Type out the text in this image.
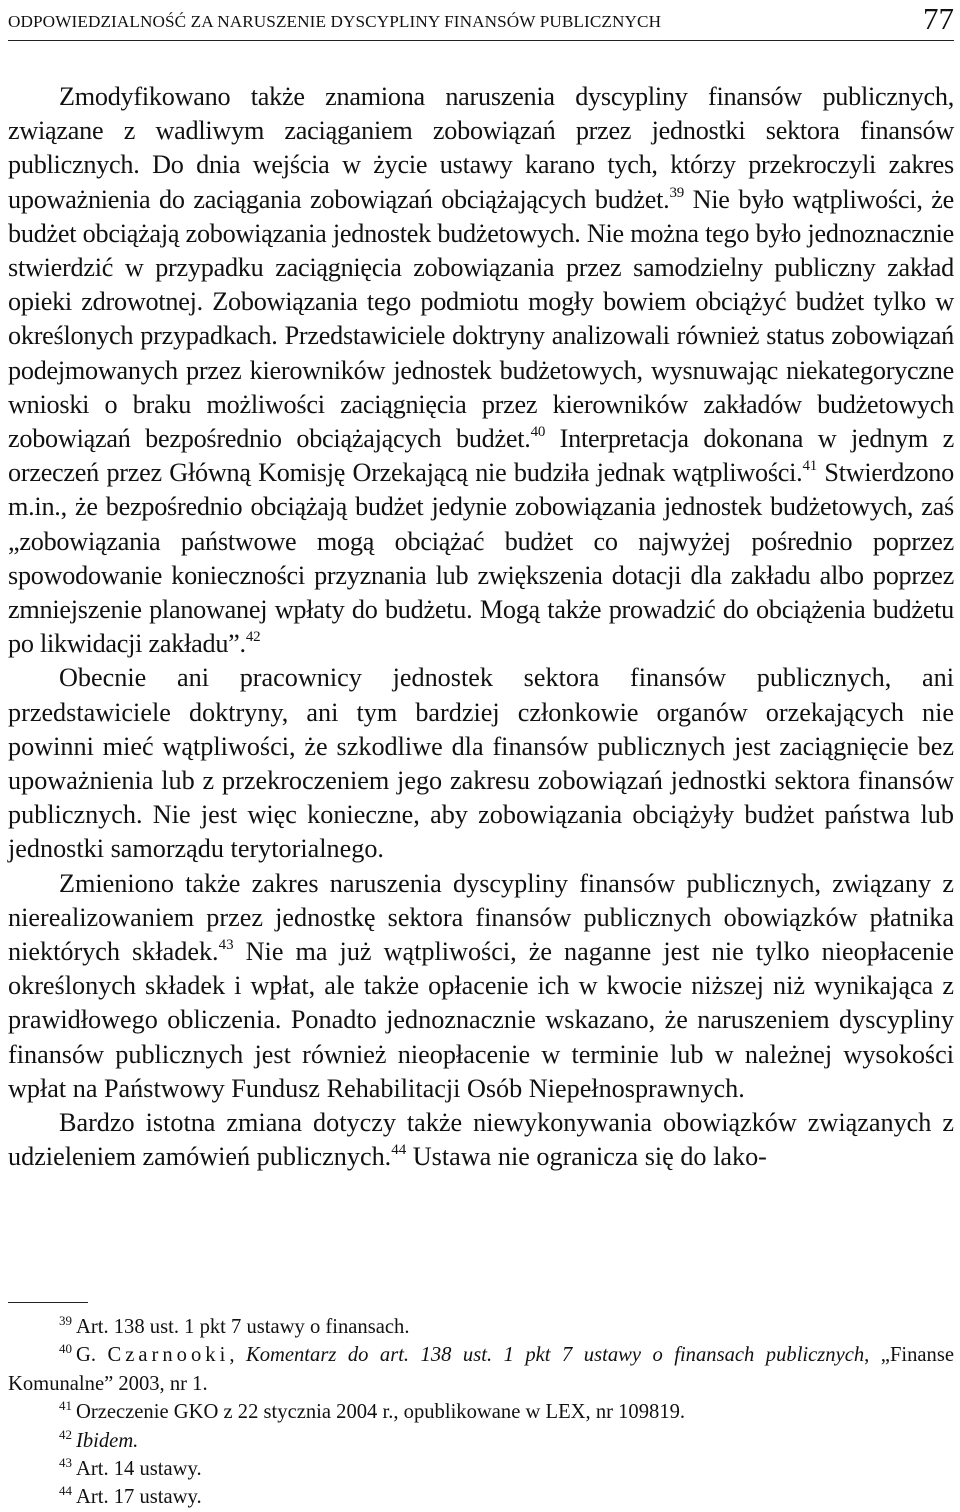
ODPOWIEDZIALNOŚĆ ZA NARUSZENIE DYSCYPLINY FINANSÓW PUBLICZNYCH	77

Zmodyfikowano także znamiona naruszenia dyscypliny finansów publicznych, związane z wadliwym zaciąganiem zobowiązań przez jednostki sektora finansów publicznych. Do dnia wejścia w życie ustawy karano tych, którzy przekroczyli zakres upoważnienia do zaciągania zobowiązań obciążających budżet.$^{39}$ Nie było wątpliwości, że budżet obciążają zobowiązania jednostek budżetowych. Nie można tego było jednoznacznie stwierdzić w przypadku zaciągnięcia zobowiązania przez samodzielny publiczny zakład opieki zdrowotnej. Zobowiązania tego podmiotu mogły bowiem obciążyć budżet tylko w określonych przypadkach. Przedstawiciele doktryny analizowali również status zobowiązań podejmowanych przez kierowników jednostek budżetowych, wysnuwając niekategoryczne wnioski o braku możliwości zaciągnięcia przez kierowników zakładów budżetowych zobowiązań bezpośrednio obciążających budżet.$^{40}$ Interpretacja dokonana w jednym z orzeczeń przez Główną Komisję Orzekającą nie budziła jednak wątpliwości.$^{41}$ Stwierdzono m.in., że bezpośrednio obciążają budżet jedynie zobowiązania jednostek budżetowych, zaś „zobowiązania państwowe mogą obciążać budżet co najwyżej pośrednio poprzez spowodowanie konieczności przyznania lub zwiększenia dotacji dla zakładu albo poprzez zmniejszenie planowanej wpłaty do budżetu. Mogą także prowadzić do obciążenia budżetu po likwidacji zakładu”.$^{42}$

Obecnie ani pracownicy jednostek sektora finansów publicznych, ani przedstawiciele doktryny, ani tym bardziej członkowie organów orzekających nie powinni mieć wątpliwości, że szkodliwe dla finansów publicznych jest zaciągnięcie bez upoważnienia lub z przekroczeniem jego zakresu zobowiązań jednostki sektora finansów publicznych. Nie jest więc konieczne, aby zobowiązania obciążyły budżet państwa lub jednostki samorządu terytorialnego.

Zmieniono także zakres naruszenia dyscypliny finansów publicznych, związany z nierealizowaniem przez jednostkę sektora finansów publicznych obowiązków płatnika niektórych składek.$^{43}$ Nie ma już wątpliwości, że naganne jest nie tylko nieopłacenie określonych składek i wpłat, ale także opłacenie ich w kwocie niższej niż wynikająca z prawidłowego obliczenia. Ponadto jednoznacznie wskazano, że naruszeniem dyscypliny finansów publicznych jest również nieopłacenie w terminie lub w należnej wysokości wpłat na Państwowy Fundusz Rehabilitacji Osób Niepełnosprawnych.

Bardzo istotna zmiana dotyczy także niewykonywania obowiązków związanych z udzieleniem zamówień publicznych.$^{44}$ Ustawa nie ogranicza się do lako-

$^{39}$ Art. 138 ust. 1 pkt 7 ustawy o finansach.

$^{40}$ G. Czarnooki, Komentarz do art. 138 ust. 1 pkt 7 ustawy o finansach publicznych, „Finanse Komunalne” 2003, nr 1.

$^{41}$ Orzeczenie GKO z 22 stycznia 2004 r., opublikowane w LEX, nr 109819.

$^{42}$ Ibidem.

$^{43}$ Art. 14 ustawy.

$^{44}$ Art. 17 ustawy.
